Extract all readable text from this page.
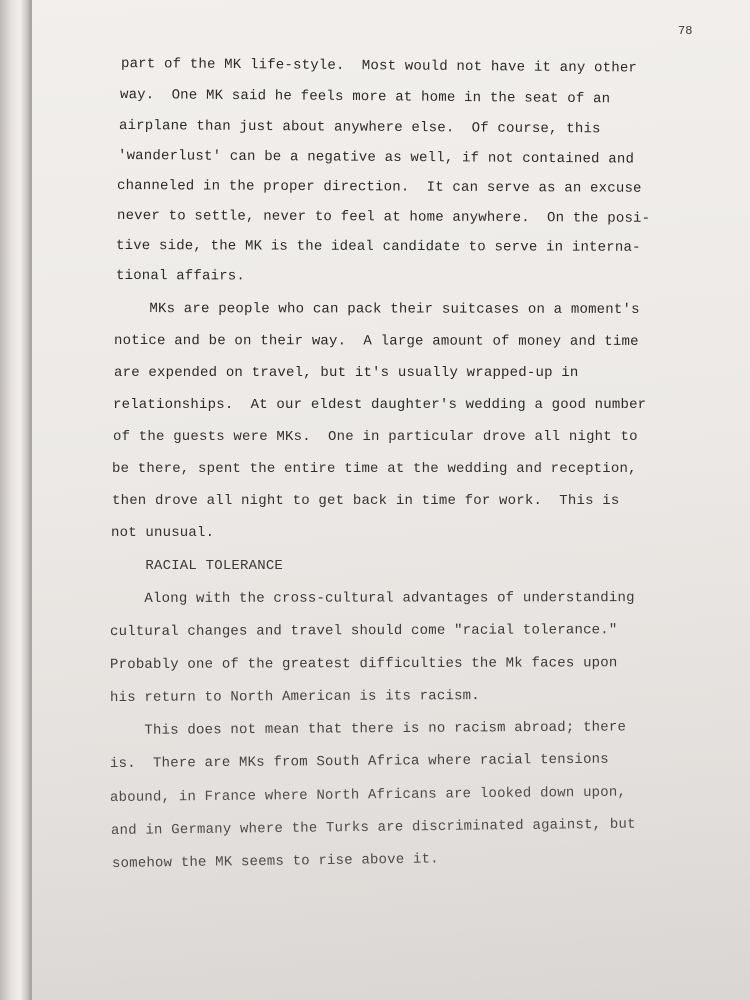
78
part of the MK life-style.  Most would not have it any other
way.  One MK said he feels more at home in the seat of an
airplane than just about anywhere else.  Of course, this
'wanderlust' can be a negative as well, if not contained and
channeled in the proper direction.  It can serve as an excuse
never to settle, never to feel at home anywhere.  On the posi-
tive side, the MK is the ideal candidate to serve in interna-
tional affairs.
MKs are people who can pack their suitcases on a moment's
notice and be on their way.  A large amount of money and time
are expended on travel, but it's usually wrapped-up in
relationships.  At our eldest daughter's wedding a good number
of the guests were MKs.  One in particular drove all night to
be there, spent the entire time at the wedding and reception,
then drove all night to get back in time for work.  This is
not unusual.
RACIAL TOLERANCE
Along with the cross-cultural advantages of understanding
cultural changes and travel should come "racial tolerance."
Probably one of the greatest difficulties the Mk faces upon
his return to North American is its racism.
This does not mean that there is no racism abroad; there
is.  There are MKs from South Africa where racial tensions
abound, in France where North Africans are looked down upon,
and in Germany where the Turks are discriminated against, but
somehow the MK seems to rise above it.
